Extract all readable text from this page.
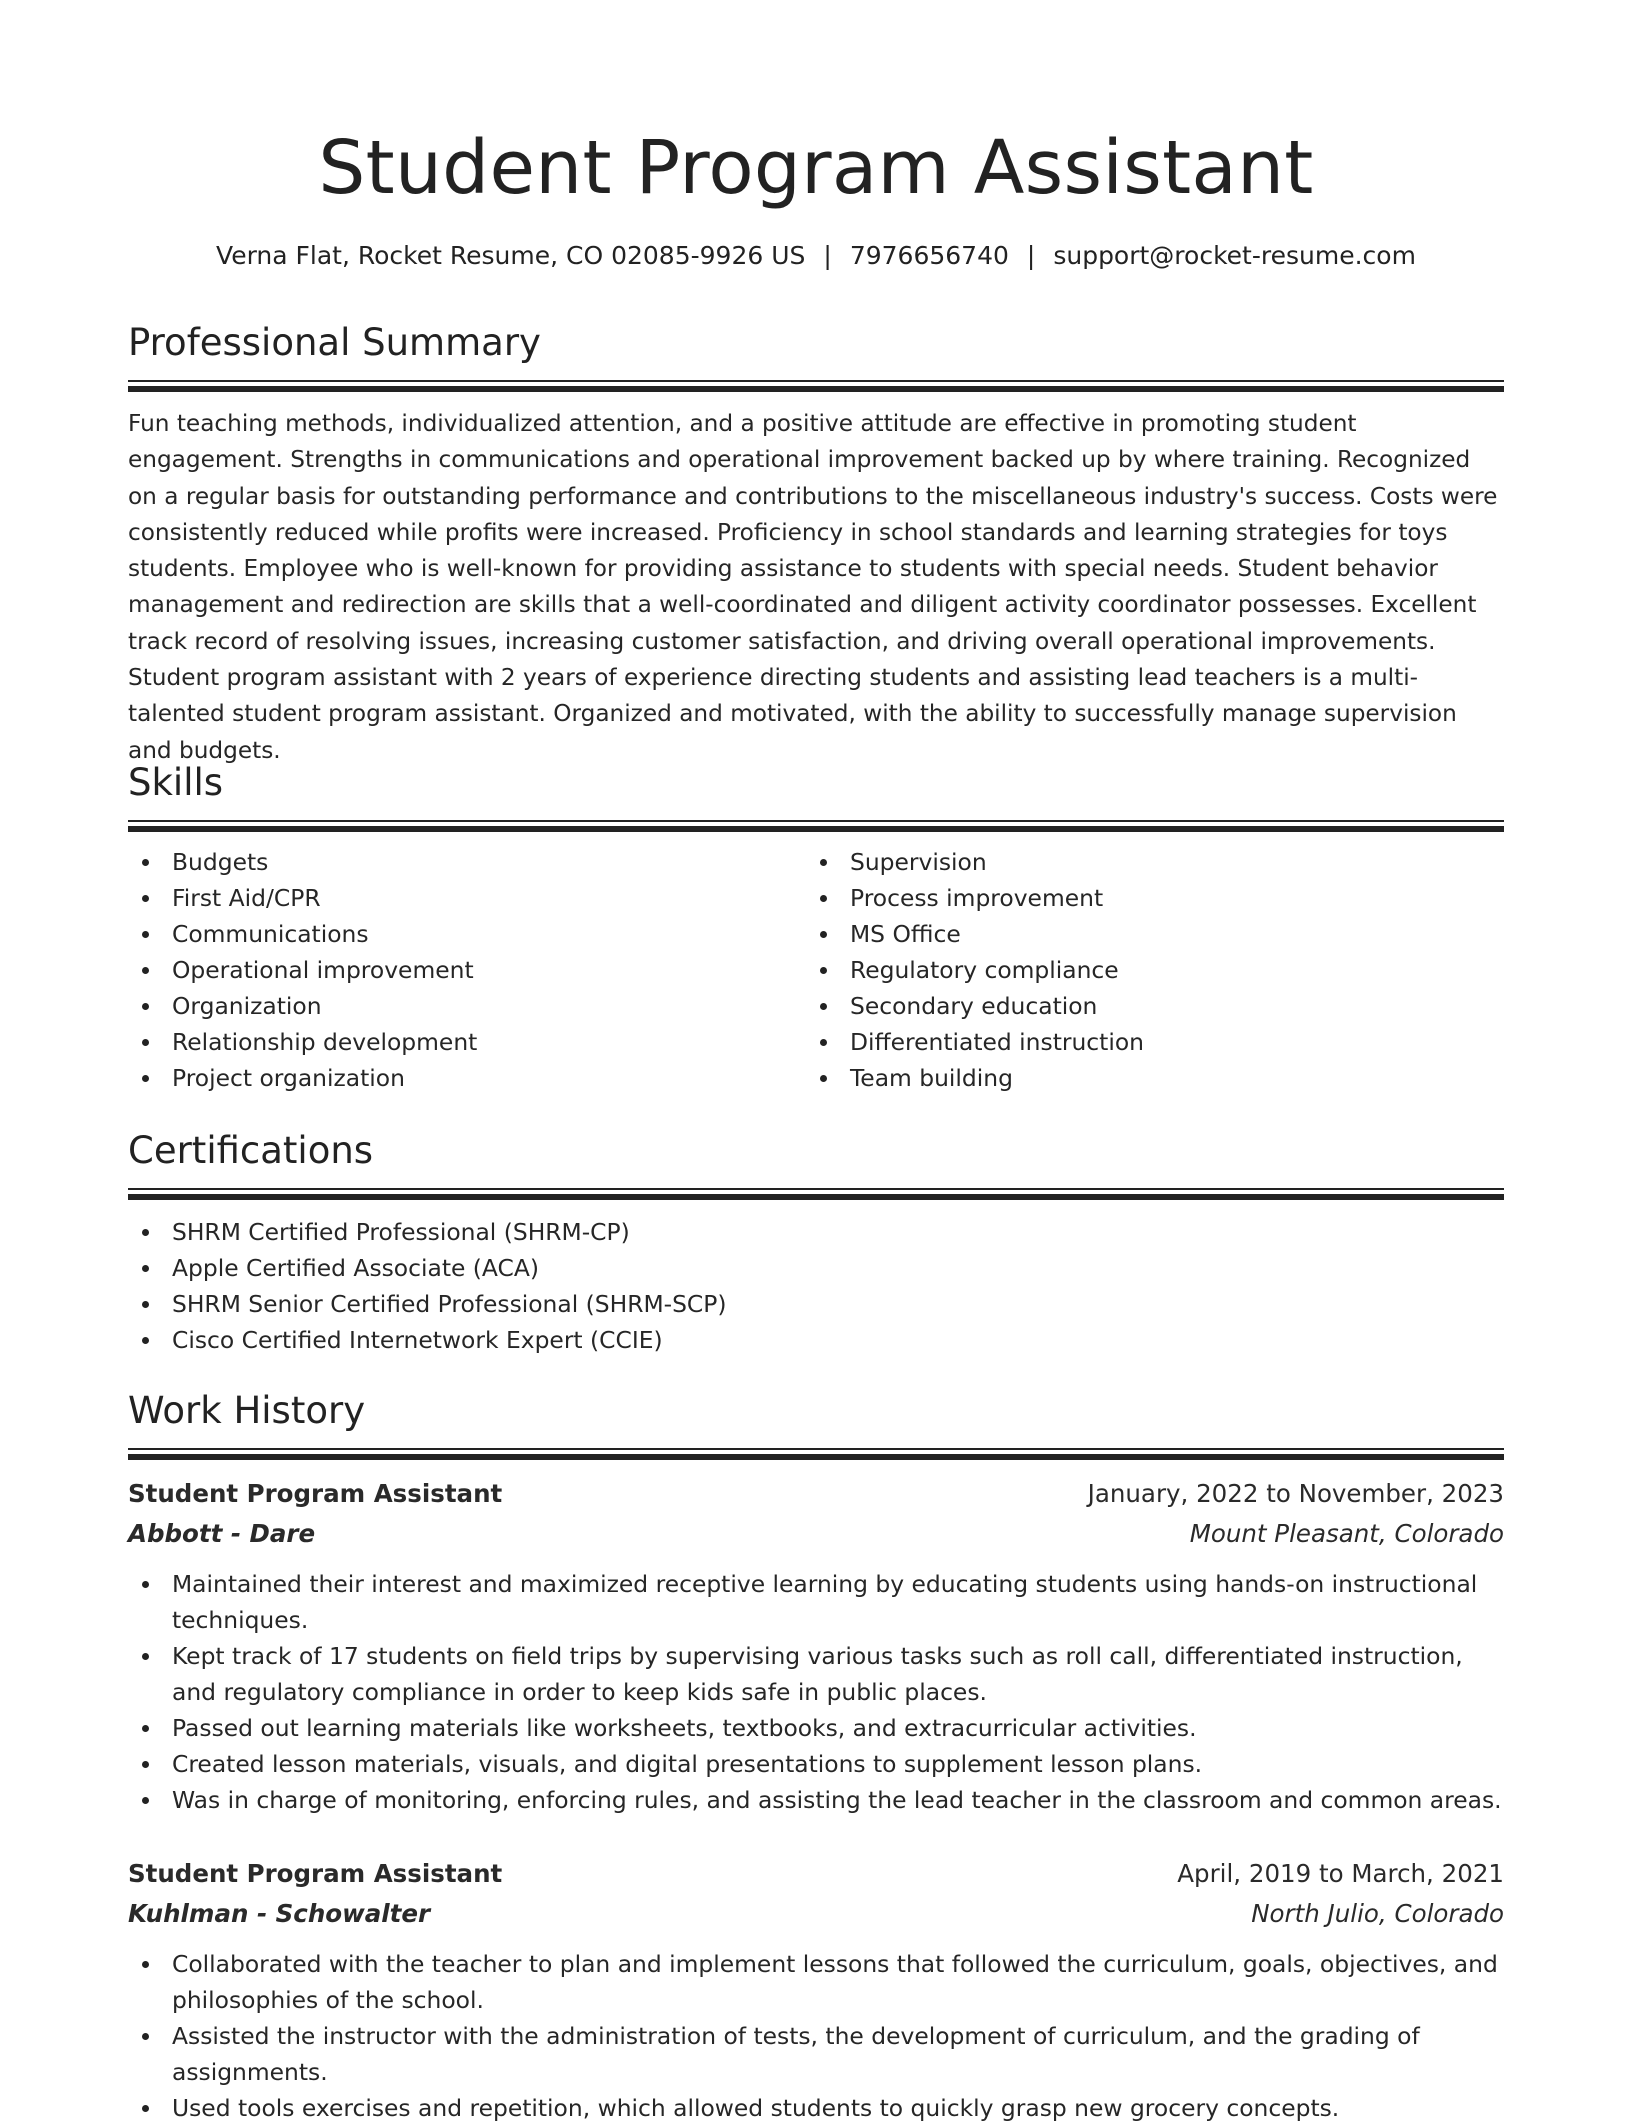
Student Program Assistant
Verna Flat, Rocket Resume, CO 02085-9926 US | 7976656740 | support@rocket-resume.com
Professional Summary

Fun teaching methods, individualized attention, and a positive attitude are effective in promoting student engagement. Strengths in communications and operational improvement backed up by where training. Recognized on a regular basis for outstanding performance and contributions to the miscellaneous industry's success. Costs were consistently reduced while profits were increased. Proficiency in school standards and learning strategies for toys students. Employee who is well-known for providing assistance to students with special needs. Student behavior management and redirection are skills that a well-coordinated and diligent activity coordinator possesses. Excellent track record of resolving issues, increasing customer satisfaction, and driving overall operational improvements. Student program assistant with 2 years of experience directing students and assisting lead teachers is a multi-talented student program assistant. Organized and motivated, with the ability to successfully manage supervision and budgets.

Skills
Budgets
First Aid/CPR
Communications
Operational improvement
Organization
Relationship development
Project organization
Supervision
Process improvement
MS Office
Regulatory compliance
Secondary education
Differentiated instruction
Team building
Certifications
SHRM Certified Professional (SHRM-CP)
Apple Certified Associate (ACA)
SHRM Senior Certified Professional (SHRM-SCP)
Cisco Certified Internetwork Expert (CCIE)
Work History
Student Program Assistant	January, 2022 to November, 2023
Abbott - Dare	Mount Pleasant, Colorado
Maintained their interest and maximized receptive learning by educating students using hands-on instructional techniques.
Kept track of 17 students on field trips by supervising various tasks such as roll call, differentiated instruction, and regulatory compliance in order to keep kids safe in public places.
Passed out learning materials like worksheets, textbooks, and extracurricular activities.
Created lesson materials, visuals, and digital presentations to supplement lesson plans.
Was in charge of monitoring, enforcing rules, and assisting the lead teacher in the classroom and common areas.
Student Program Assistant	April, 2019 to March, 2021
Kuhlman - Schowalter	North Julio, Colorado
Collaborated with the teacher to plan and implement lessons that followed the curriculum, goals, objectives, and philosophies of the school.
Assisted the instructor with the administration of tests, the development of curriculum, and the grading of assignments.
Used tools exercises and repetition, which allowed students to quickly grasp new grocery concepts.
